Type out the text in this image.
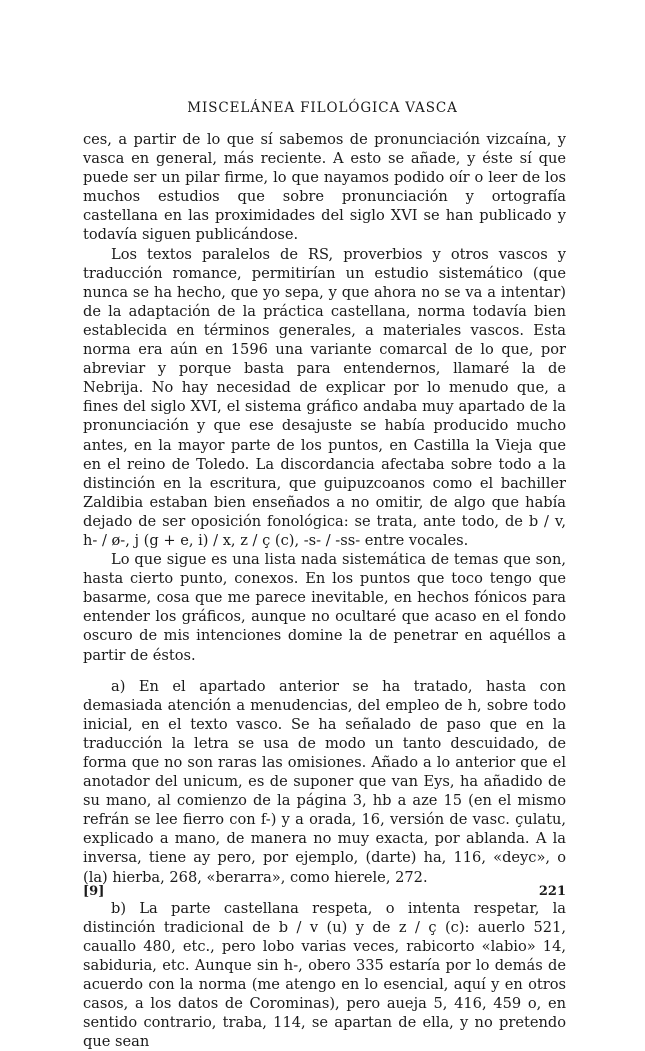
MISCELÁNEA FILOLÓGICA VASCA

ces, a partir de lo que sí sabemos de pronunciación vizcaína, y vasca en general, más reciente. A esto se añade, y éste sí que puede ser un pilar firme, lo que nayamos podido oír o leer de los muchos estudios que sobre pronunciación y ortografía castellana en las proximidades del siglo XVI se han publicado y todavía siguen publicándose.

Los textos paralelos de RS, proverbios y otros vascos y traducción romance, permitirían un estudio sistemático (que nunca se ha hecho, que yo sepa, y que ahora no se va a intentar) de la adaptación de la práctica castellana, norma todavía bien establecida en términos generales, a materiales vascos. Esta norma era aún en 1596 una variante comarcal de lo que, por abreviar y porque basta para entendernos, llamaré la de Nebrija. No hay necesidad de explicar por lo menudo que, a fines del siglo XVI, el sistema gráfico andaba muy apartado de la pronunciación y que ese desajuste se había producido mucho antes, en la mayor parte de los puntos, en Castilla la Vieja que en el reino de Toledo. La discordancia afectaba sobre todo a la distinción en la escritura, que guipuzcoanos como el bachiller Zaldibia estaban bien enseñados a no omitir, de algo que había dejado de ser oposición fonológica: se trata, ante todo, de b / v, h- / ø-, j (g + e, i) / x, z / ç (c), -s- / -ss- entre vocales.

Lo que sigue es una lista nada sistemática de temas que son, hasta cierto punto, conexos. En los puntos que toco tengo que basarme, cosa que me parece inevitable, en hechos fónicos para entender los gráficos, aunque no ocultaré que acaso en el fondo oscuro de mis intenciones domine la de penetrar en aquéllos a partir de éstos.

a) En el apartado anterior se ha tratado, hasta con demasiada atención a menudencias, del empleo de h, sobre todo inicial, en el texto vasco. Se ha señalado de paso que en la traducción la letra se usa de modo un tanto descuidado, de forma que no son raras las omisiones. Añado a lo anterior que el anotador del unicum, es de suponer que van Eys, ha añadido de su mano, al comienzo de la página 3, hb a aze 15 (en el mismo refrán se lee fierro con f-) y a orada, 16, versión de vasc. çulatu, explicado a mano, de manera no muy exacta, por ablanda. A la inversa, tiene ay pero, por ejemplo, (darte) ha, 116, «deyc», o (la) hierba, 268, «berarra», como hierele, 272.

b) La parte castellana respeta, o intenta respetar, la distinción tradicional de b / v (u) y de z / ç (c): auerlo 521, cauallo 480, etc., pero lobo varias veces, rabicorto «labio» 14, sabiduria, etc. Aunque sin h-, obero 335 estaría por lo demás de acuerdo con la norma (me atengo en lo esencial, aquí y en otros casos, a los datos de Corominas), pero aueja 5, 416, 459 o, en sentido contrario, traba, 114, se apartan de ella, y no pretendo que sean

[9]	221
